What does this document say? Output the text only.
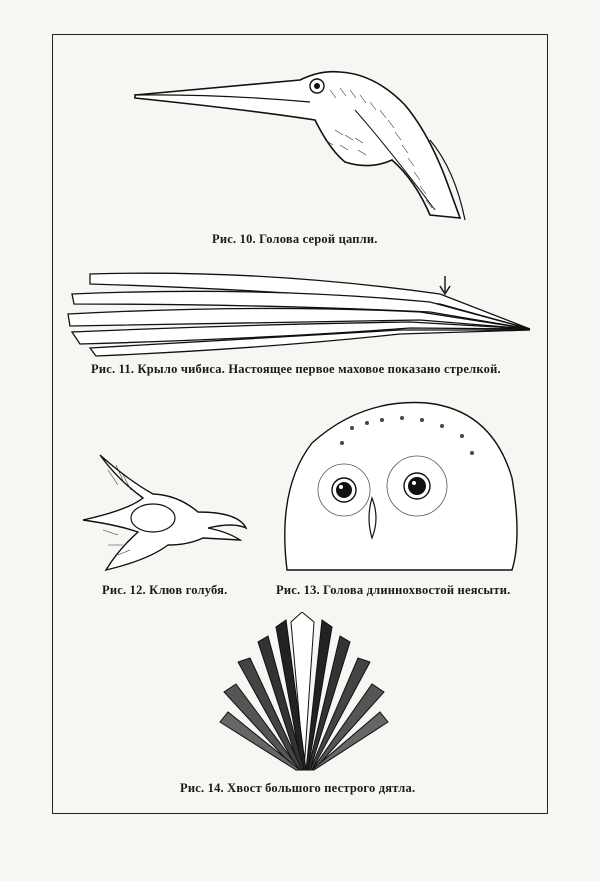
Рис. 10. Голова серой цапли.
Рис. 11. Крыло чибиса. Настоящее первое маховое показано стрелкой.
Рис. 12. Клюв голубя.	Рис. 13. Голова длиннохвостой неясыти.
Рис. 14. Хвост большого пестрого дятла.
